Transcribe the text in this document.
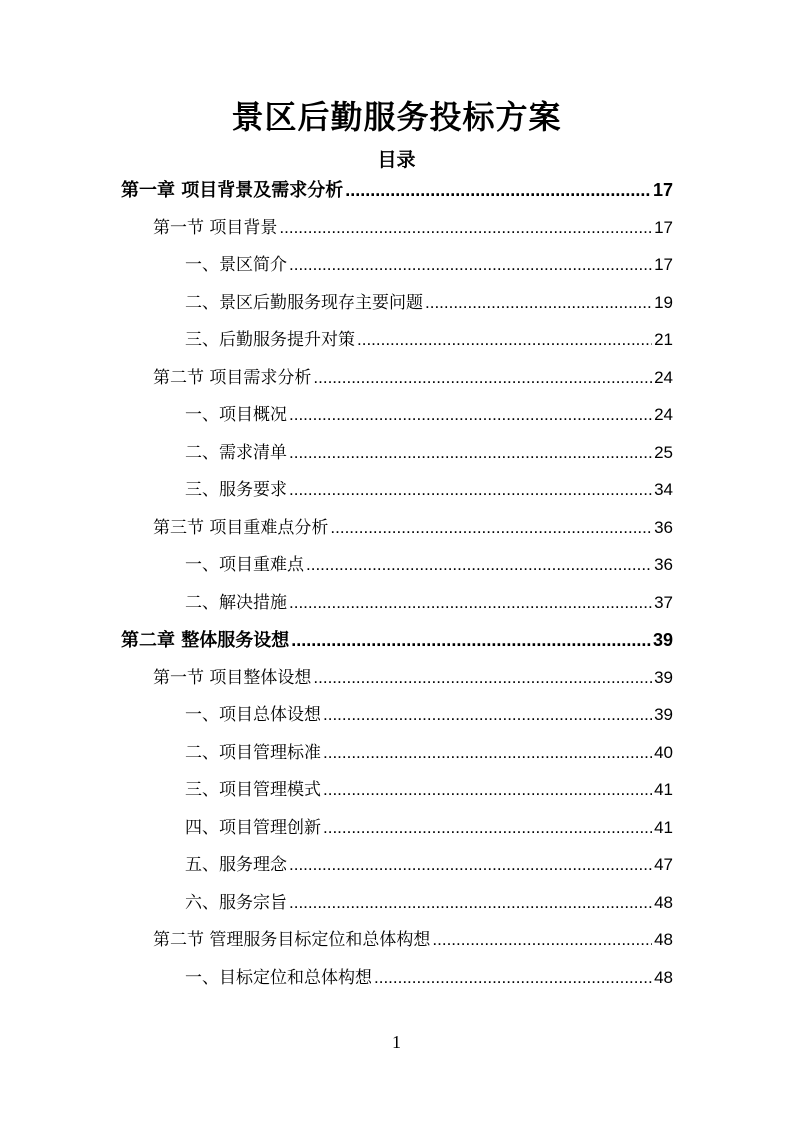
景区后勤服务投标方案
目录
第一章 项目背景及需求分析 .....	17
第一节 项目背景 .....	17
一、景区简介 .....	17
二、景区后勤服务现存主要问题 .....	19
三、后勤服务提升对策 .....	21
第二节 项目需求分析 .....	24
一、项目概况 .....	24
二、需求清单 .....	25
三、服务要求 .....	34
第三节 项目重难点分析 .....	36
一、项目重难点 .....	36
二、解决措施 .....	37
第二章 整体服务设想 .....	39
第一节 项目整体设想 .....	39
一、项目总体设想 .....	39
二、项目管理标准 .....	40
三、项目管理模式 .....	41
四、项目管理创新 .....	41
五、服务理念 .....	47
六、服务宗旨 .....	48
第二节 管理服务目标定位和总体构想 .....	48
一、目标定位和总体构想 .....	48
1
